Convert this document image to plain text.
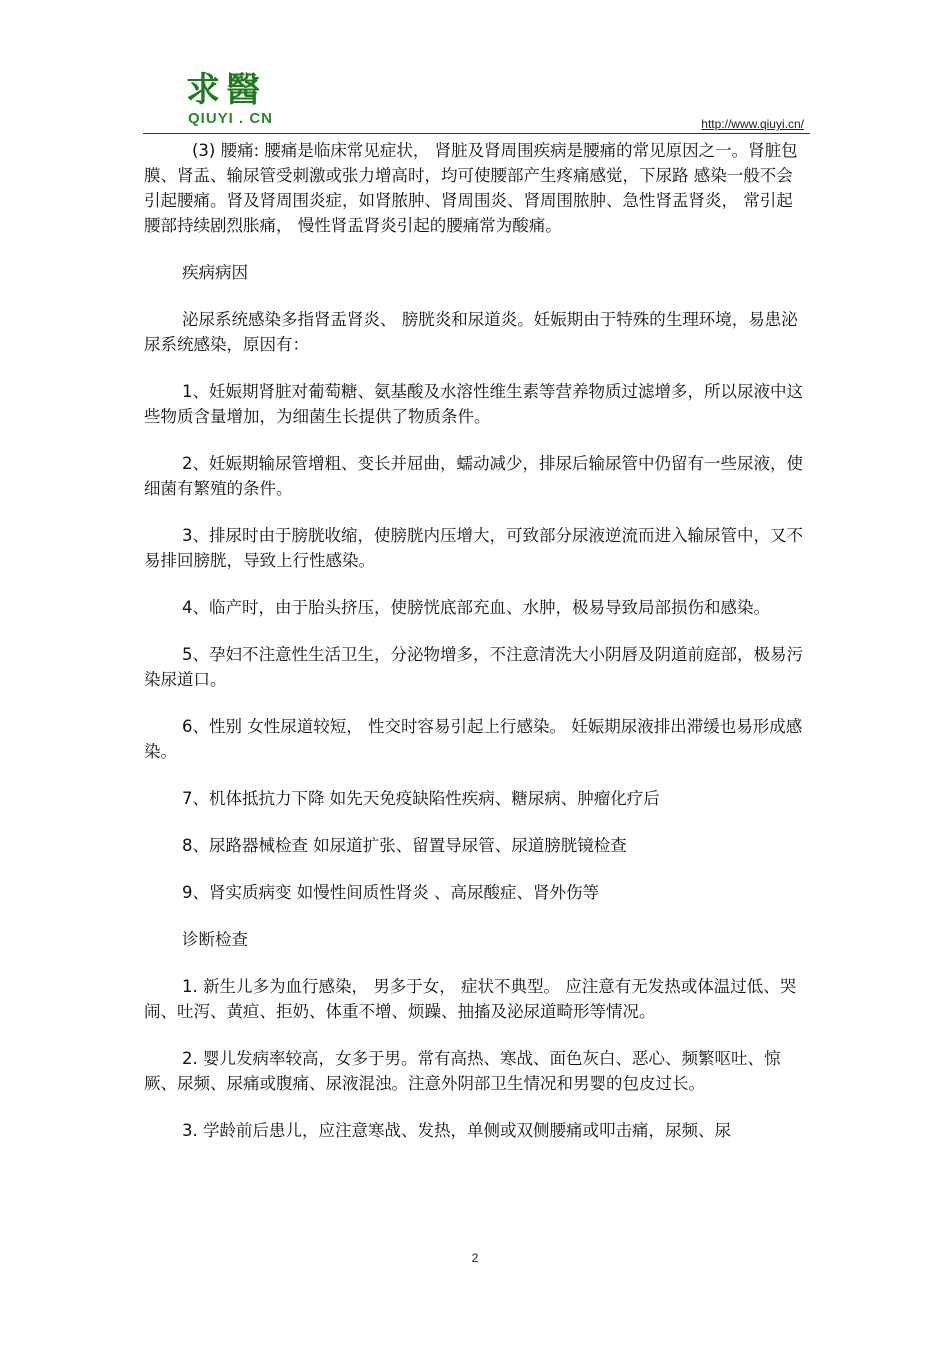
求醫
QIUYI . CN	http://www.qiuyi.cn/

(3) 腰痛: 腰痛是临床常见症状， 肾脏及肾周围疾病是腰痛的常见原因之一。肾脏包膜、肾盂、输尿管受刺激或张力增高时，均可使腰部产生疼痛感觉，下尿路 感染一般不会引起腰痛。肾及肾周围炎症，如肾脓肿、肾周围炎、肾周围脓肿、急性肾盂肾炎， 常引起腰部持续剧烈胀痛， 慢性肾盂肾炎引起的腰痛常为酸痛。

疾病病因

泌尿系统感染多指肾盂肾炎、 膀胱炎和尿道炎。妊娠期由于特殊的生理环境，易患泌尿系统感染，原因有：

1、妊娠期肾脏对葡萄糖、氨基酸及水溶性维生素等营养物质过滤增多，所以尿液中这些物质含量增加，为细菌生长提供了物质条件。

2、妊娠期输尿管增粗、变长并屈曲，蠕动减少，排尿后输尿管中仍留有一些尿液，使细菌有繁殖的条件。

3、排尿时由于膀胱收缩，使膀胱内压增大，可致部分尿液逆流而进入输尿管中，又不易排回膀胱，导致上行性感染。

4、临产时，由于胎头挤压，使膀恍底部充血、水肿，极易导致局部损伤和感染。

5、孕妇不注意性生活卫生，分泌物增多，不注意清洗大小阴唇及阴道前庭部，极易污染尿道口。

6、性别 女性尿道较短， 性交时容易引起上行感染。 妊娠期尿液排出滞缓也易形成感染。

7、机体抵抗力下降 如先天免疫缺陷性疾病、糖尿病、肿瘤化疗后

8、尿路器械检查 如尿道扩张、留置导尿管、尿道膀胱镜检查

9、肾实质病变 如慢性间质性肾炎 、高尿酸症、肾外伤等

诊断检查

1. 新生儿多为血行感染， 男多于女， 症状不典型。 应注意有无发热或体温过低、哭闹、吐泻、黄疸、拒奶、体重不增、烦躁、抽搐及泌尿道畸形等情况。

2. 婴儿发病率较高，女多于男。常有高热、寒战、面色灰白、恶心、频繁呕吐、惊厥、尿频、尿痛或腹痛、尿液混浊。注意外阴部卫生情况和男婴的包皮过长。

3. 学龄前后患儿，应注意寒战、发热，单侧或双侧腰痛或叩击痛，尿频、尿

2
